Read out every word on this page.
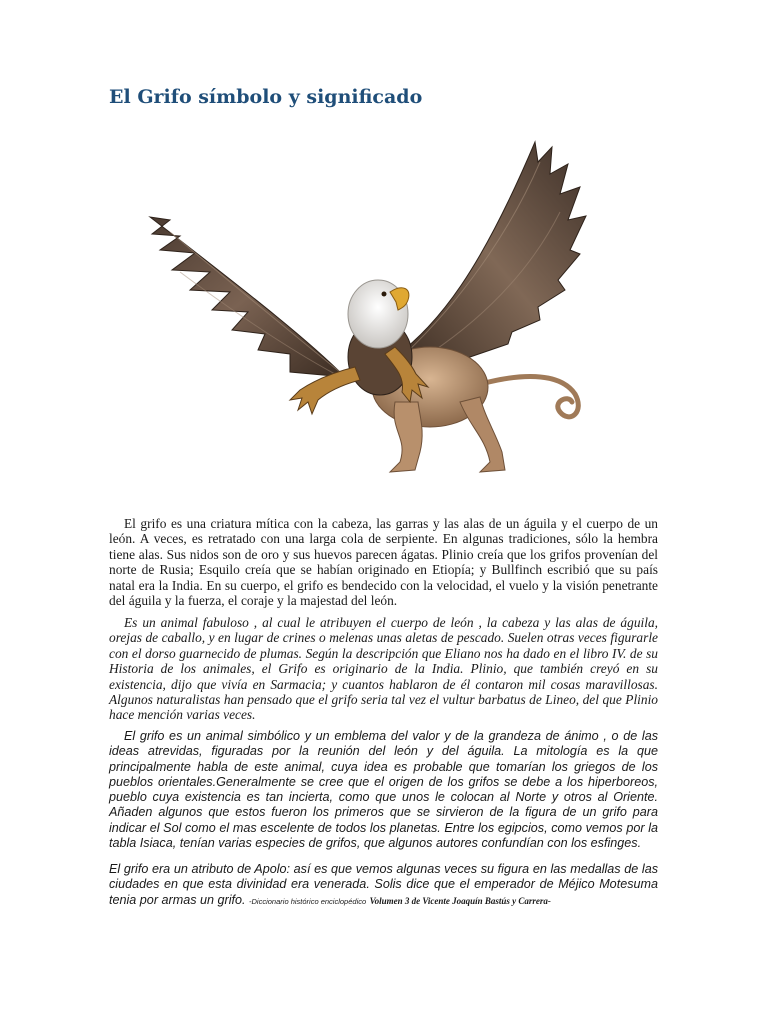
El Grifo símbolo y significado

El grifo es una criatura mítica con la cabeza, las garras y las alas de un águila y el cuerpo de un león. A veces, es retratado con una larga cola de serpiente. En algunas tradiciones, sólo la hembra tiene alas. Sus nidos son de oro y sus huevos parecen ágatas. Plinio creía que los grifos provenían del norte de Rusia; Esquilo creía que se habían originado en Etiopía; y Bullfinch escribió que su país natal era la India. En su cuerpo, el grifo es bendecido con la velocidad, el vuelo y la visión penetrante del águila y la fuerza, el coraje y la majestad del león.

Es un animal fabuloso , al cual le atribuyen el cuerpo de león , la cabeza y las alas de águila, orejas de caballo, y en lugar de crines o melenas unas aletas de pescado. Suelen otras veces figurarle con el dorso guarnecido de plumas. Según la descripción que Eliano nos ha dado en el libro IV. de su Historia de los animales, el Grifo es originario de la India. Plinio, que también creyó en su existencia, dijo que vivía en Sarmacia; y cuantos hablaron de él contaron mil cosas maravillosas. Algunos naturalistas han pensado que el grifo seria tal vez el vultur barbatus de Lineo, del que Plinio hace mención varias veces.

El grifo es un animal simbólico y un emblema del valor y de la grandeza de ánimo , o de las ideas atrevidas, figuradas por la reunión del león y del águila. La mitología es la que principalmente habla de este animal, cuya idea es probable que tomarían los griegos de los pueblos orientales.Generalmente se cree que el origen de los grifos se debe a los hiperboreos, pueblo cuya existencia es tan incierta, como que unos le colocan al Norte y otros al Oriente. Añaden algunos que estos fueron los primeros que se sirvieron de la figura de un grifo para indicar el Sol como el mas escelente de todos los planetas. Entre los egipcios, como vemos por la tabla Isiaca, tenían varias especies de grifos, que algunos autores confundían con los esfinges.

El grifo era un atributo de Apolo: así es que vemos algunas veces su figura en las medallas de las ciudades en que esta divinidad era venerada. Solis dice que el emperador de Méjico Motesuma tenia por armas un grifo. -Diccionario histórico enciclopédico Volumen 3 de Vicente Joaquín Bastús y Carrera-
